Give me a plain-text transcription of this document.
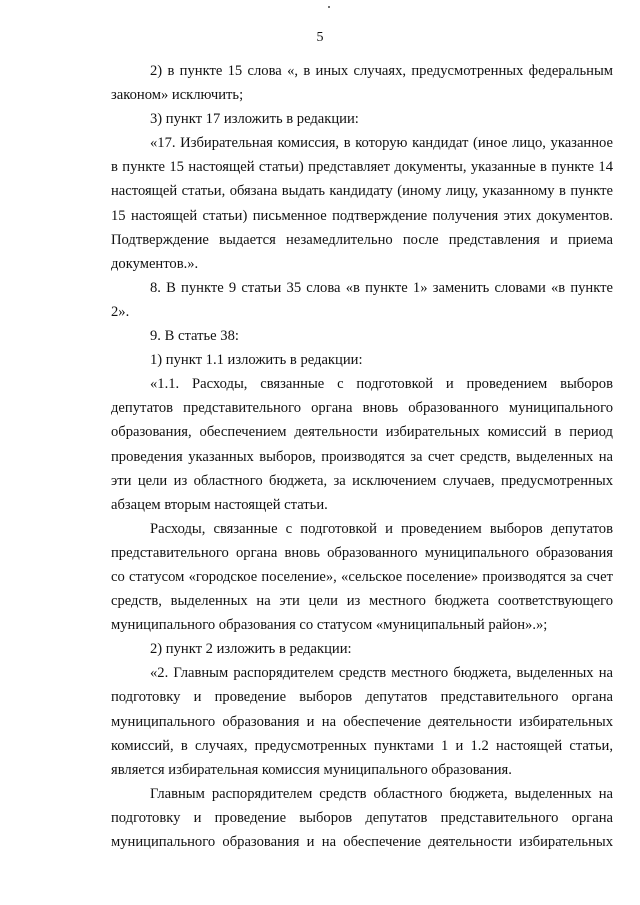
5

2) в пункте 15 слова «, в иных случаях, предусмотренных федеральным законом» исключить;

3) пункт 17 изложить в редакции:

«17. Избирательная комиссия, в которую кандидат (иное лицо, указанное в пункте 15 настоящей статьи) представляет документы, указанные в пункте 14 настоящей статьи, обязана выдать кандидату (иному лицу, указанному в пункте 15 настоящей статьи) письменное подтверждение получения этих документов. Подтверждение выдается незамедлительно после представления и приема документов.».

8. В пункте 9 статьи 35 слова «в пункте 1» заменить словами «в пункте 2».

9. В статье 38:

1) пункт 1.1 изложить в редакции:

«1.1. Расходы, связанные с подготовкой и проведением выборов депутатов представительного органа вновь образованного муниципального образования, обеспечением деятельности избирательных комиссий в период проведения указанных выборов, производятся за счет средств, выделенных на эти цели из областного бюджета, за исключением случаев, предусмотренных абзацем вторым настоящей статьи.

Расходы, связанные с подготовкой и проведением выборов депутатов представительного органа вновь образованного муниципального образования со статусом «городское поселение», «сельское поселение» производятся за счет средств, выделенных на эти цели из местного бюджета соответствующего муниципального образования со статусом «муниципальный район».»;

2) пункт 2 изложить в редакции:

«2. Главным распорядителем средств местного бюджета, выделенных на подготовку и проведение выборов депутатов представительного органа муниципального образования и на обеспечение деятельности избирательных комиссий, в случаях, предусмотренных пунктами 1 и 1.2 настоящей статьи, является избирательная комиссия муниципального образования.

Главным распорядителем средств областного бюджета, выделенных на подготовку и проведение выборов депутатов представительного органа муниципального образования и на обеспечение деятельности избирательных
